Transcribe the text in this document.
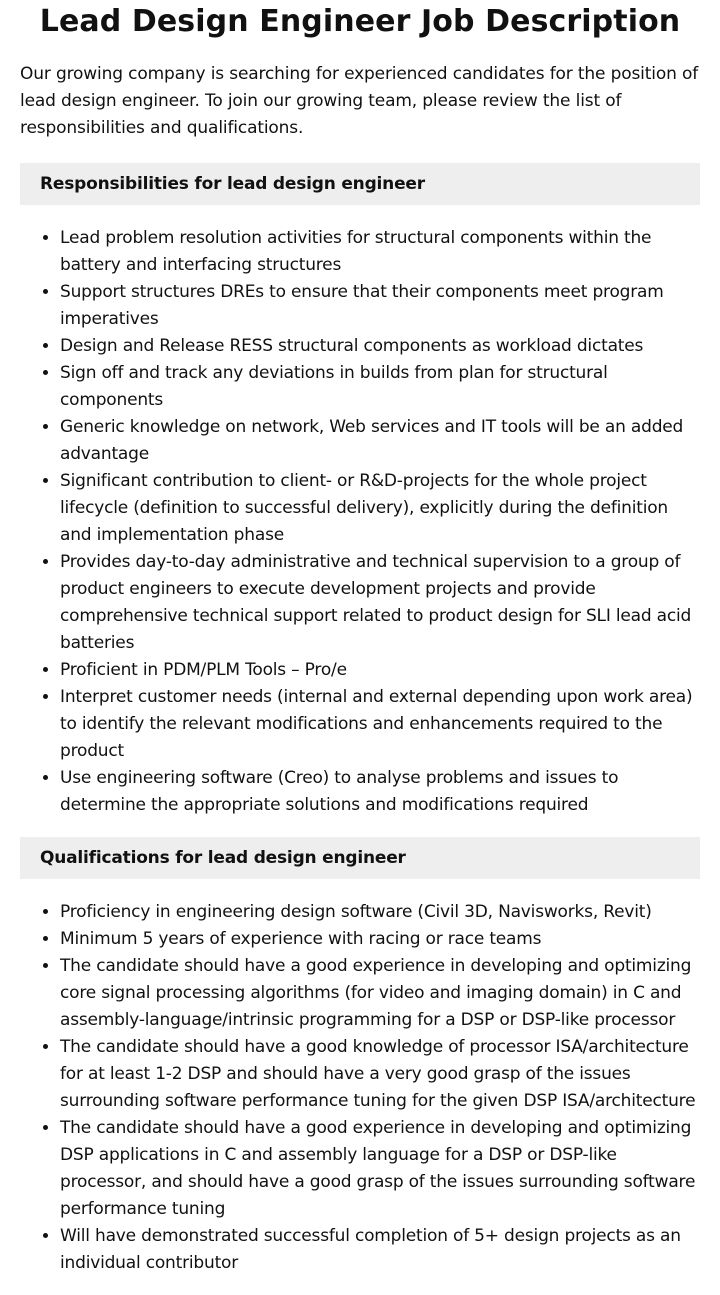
Lead Design Engineer Job Description

Our growing company is searching for experienced candidates for the position of lead design engineer. To join our growing team, please review the list of responsibilities and qualifications.

Responsibilities for lead design engineer
• Lead problem resolution activities for structural components within the battery and interfacing structures
• Support structures DREs to ensure that their components meet program imperatives
• Design and Release RESS structural components as workload dictates
• Sign off and track any deviations in builds from plan for structural components
• Generic knowledge on network, Web services and IT tools will be an added advantage
• Significant contribution to client- or R&D-projects for the whole project lifecycle (definition to successful delivery), explicitly during the definition and implementation phase
• Provides day-to-day administrative and technical supervision to a group of product engineers to execute development projects and provide comprehensive technical support related to product design for SLI lead acid batteries
• Proficient in PDM/PLM Tools – Pro/e
• Interpret customer needs (internal and external depending upon work area) to identify the relevant modifications and enhancements required to the product
• Use engineering software (Creo) to analyse problems and issues to determine the appropriate solutions and modifications required
Qualifications for lead design engineer
• Proficiency in engineering design software (Civil 3D, Navisworks, Revit)
• Minimum 5 years of experience with racing or race teams
• The candidate should have a good experience in developing and optimizing core signal processing algorithms (for video and imaging domain) in C and assembly-language/intrinsic programming for a DSP or DSP-like processor
• The candidate should have a good knowledge of processor ISA/architecture for at least 1-2 DSP and should have a very good grasp of the issues surrounding software performance tuning for the given DSP ISA/architecture
• The candidate should have a good experience in developing and optimizing DSP applications in C and assembly language for a DSP or DSP-like processor, and should have a good grasp of the issues surrounding software performance tuning
• Will have demonstrated successful completion of 5+ design projects as an individual contributor
